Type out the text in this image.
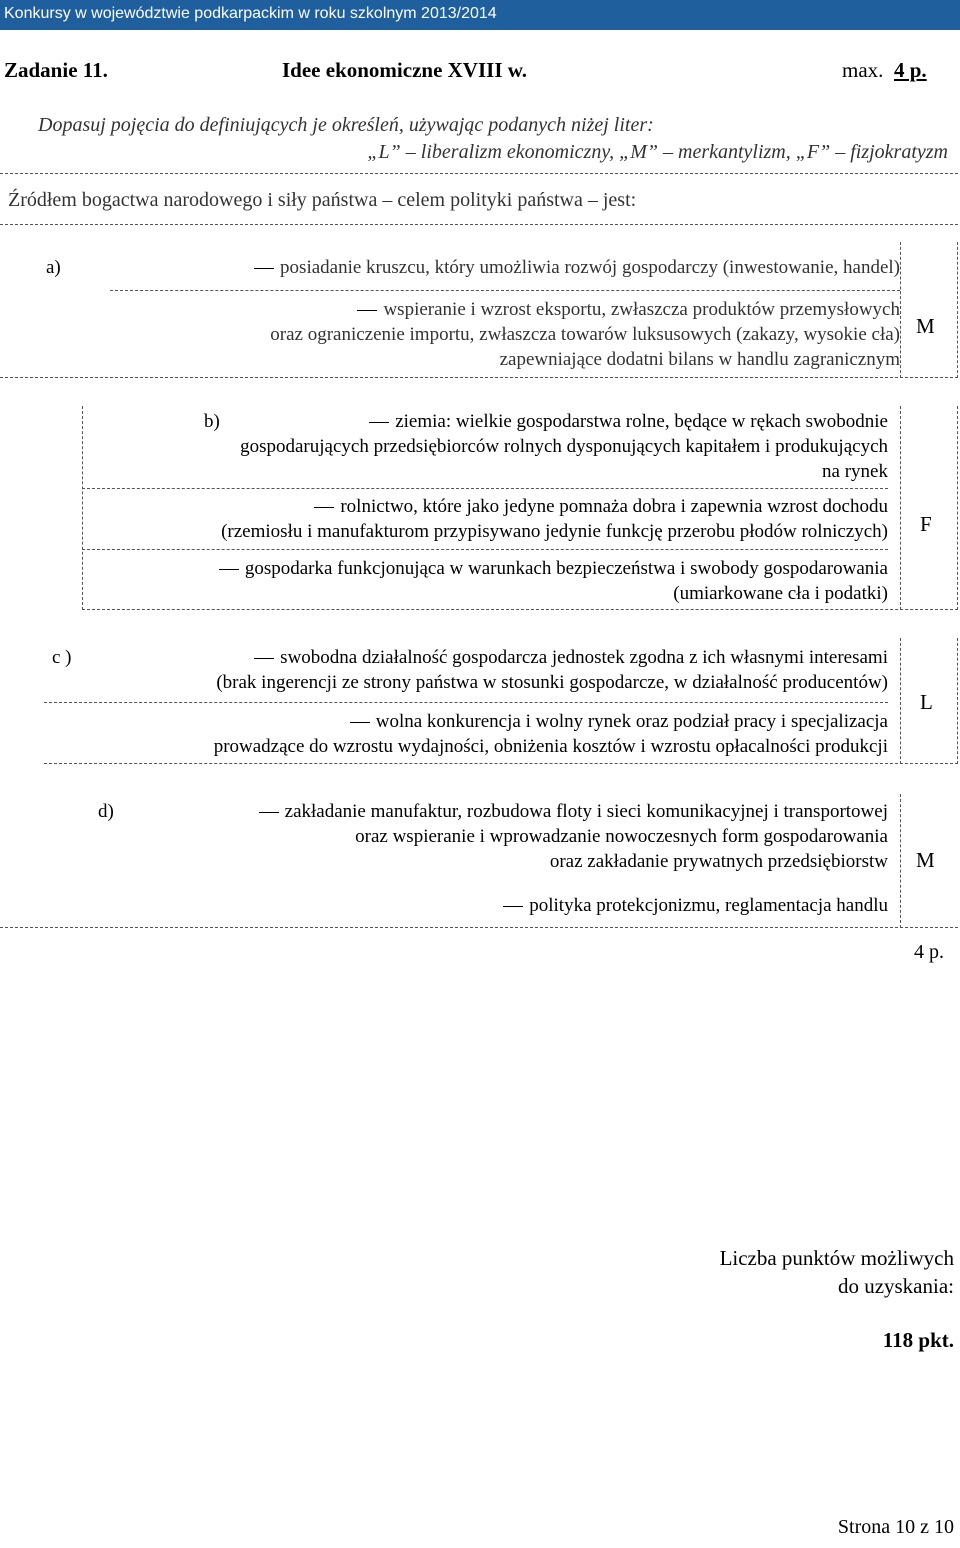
Konkursy w województwie podkarpackim w roku szkolnym 2013/2014
Zadanie 11.	Idee ekonomiczne XVIII w.	max. 4 p.
Dopasuj pojęcia do definiujących je określeń, używając podanych niżej liter:
„L” – liberalizm ekonomiczny, „M” – merkantylizm, „F” – fizjokratyzm
Źródłem bogactwa narodowego i siły państwa – celem polityki państwa – jest:
a)	posiadanie kruszcu, który umożliwia rozwój gospodarczy (inwestowanie, handel)
wspieranie i wzrost eksportu, zwłaszcza produktów przemysłowych
oraz ograniczenie importu, zwłaszcza towarów luksusowych (zakazy, wysokie cła)
zapewniające dodatni bilans w handlu zagranicznym
M
b)	ziemia: wielkie gospodarstwa rolne, będące w rękach swobodnie
gospodarujących przedsiębiorców rolnych dysponujących kapitałem i produkujących
na rynek
rolnictwo, które jako jedyne pomnaża dobra i zapewnia wzrost dochodu
(rzemiosłu i manufakturom przypisywano jedynie funkcję przerobu płodów rolniczych)
gospodarka funkcjonująca w warunkach bezpieczeństwa i swobody gospodarowania
(umiarkowane cła i podatki)
F
c )	swobodna działalność gospodarcza jednostek zgodna z ich własnymi interesami
(brak ingerencji ze strony państwa w stosunki gospodarcze, w działalność producentów)
wolna konkurencja i wolny rynek oraz podział pracy i specjalizacja
prowadzące do wzrostu wydajności, obniżenia kosztów i wzrostu opłacalności produkcji
L
d)	zakładanie manufaktur, rozbudowa floty i sieci komunikacyjnej i transportowej
oraz wspieranie i wprowadzanie nowoczesnych form gospodarowania
oraz zakładanie prywatnych przedsiębiorstw
polityka protekcjonizmu, reglamentacja handlu
M
4 p.
Liczba punktów możliwych
do uzyskania:
118 pkt.
Strona 10 z 10
